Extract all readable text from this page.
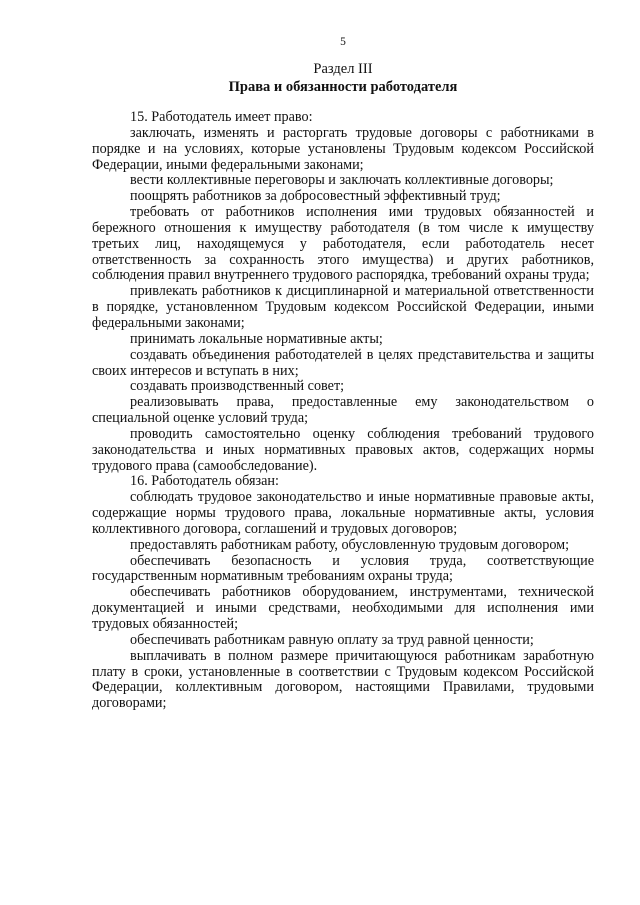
5
Раздел III
Права и обязанности работодателя

15. Работодатель имеет право:

заключать, изменять и расторгать трудовые договоры с работниками в порядке и на условиях, которые установлены Трудовым кодексом Российской Федерации, иными федеральными законами;

вести коллективные переговоры и заключать коллективные договоры;

поощрять работников за добросовестный эффективный труд;

требовать от работников исполнения ими трудовых обязанностей и бережного отношения к имуществу работодателя (в том числе к имуществу третьих лиц, находящемуся у работодателя, если работодатель несет ответственность за сохранность этого имущества) и других работников, соблюдения правил внутреннего трудового распорядка, требований охраны труда;

привлекать работников к дисциплинарной и материальной ответственности в порядке, установленном Трудовым кодексом Российской Федерации, иными федеральными законами;

принимать локальные нормативные акты;

создавать объединения работодателей в целях представительства и защиты своих интересов и вступать в них;

создавать производственный совет;

реализовывать права, предоставленные ему законодательством о специальной оценке условий труда;

проводить самостоятельно оценку соблюдения требований трудового законодательства и иных нормативных правовых актов, содержащих нормы трудового права (самообследование).

16. Работодатель обязан:

соблюдать трудовое законодательство и иные нормативные правовые акты, содержащие нормы трудового права, локальные нормативные акты, условия коллективного договора, соглашений и трудовых договоров;

предоставлять работникам работу, обусловленную трудовым договором;

обеспечивать безопасность и условия труда, соответствующие государственным нормативным требованиям охраны труда;

обеспечивать работников оборудованием, инструментами, технической документацией и иными средствами, необходимыми для исполнения ими трудовых обязанностей;

обеспечивать работникам равную оплату за труд равной ценности;

выплачивать в полном размере причитающуюся работникам заработную плату в сроки, установленные в соответствии с Трудовым кодексом Российской Федерации, коллективным договором, настоящими Правилами, трудовыми договорами;
